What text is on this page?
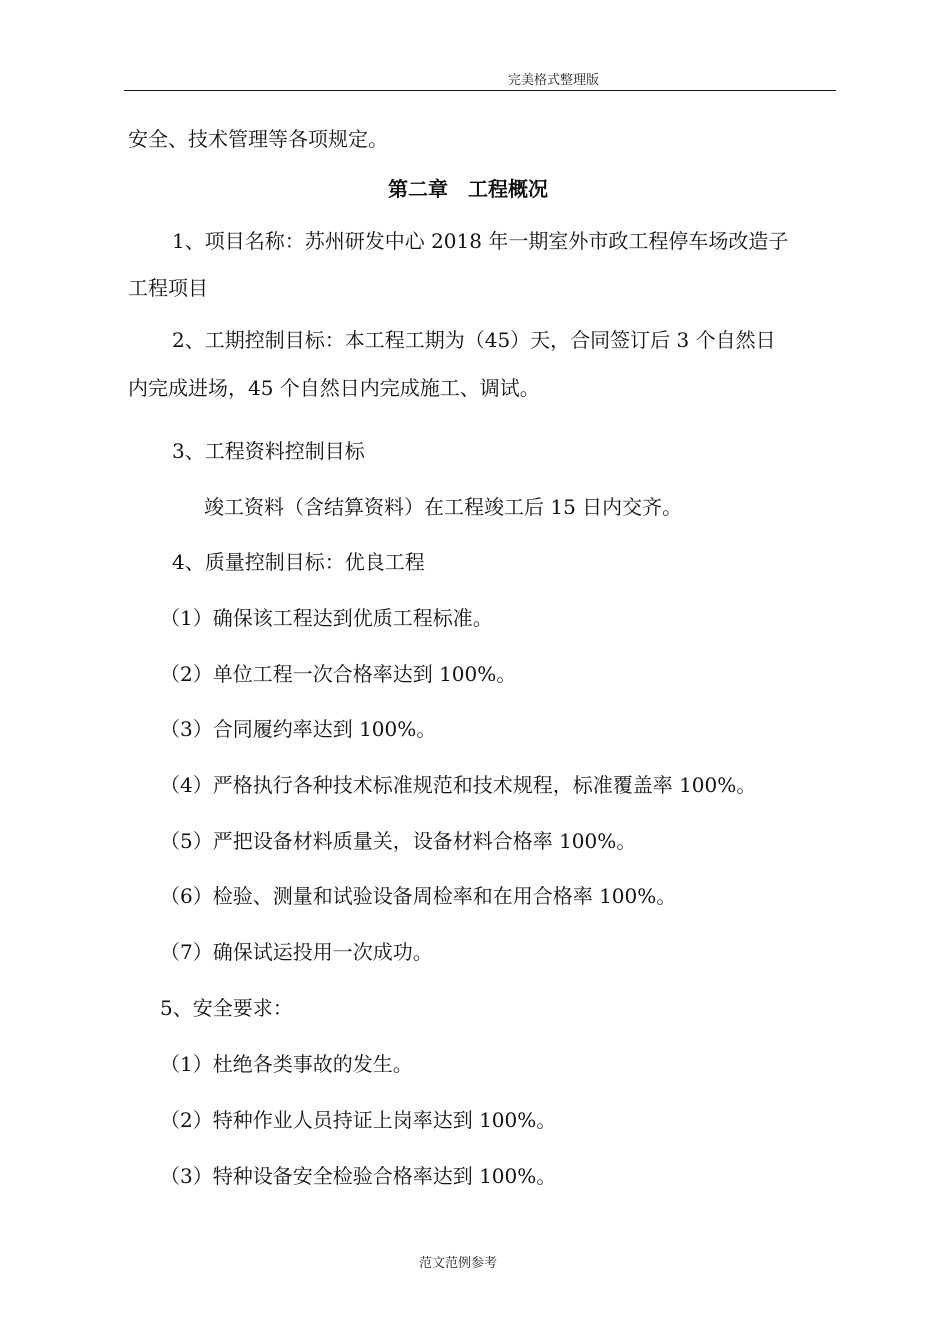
完美格式整理版
安全、技术管理等各项规定。
第二章　工程概况
1、项目名称：苏州研发中心 2018 年一期室外市政工程停车场改造子
工程项目
2、工期控制目标：本工程工期为（45）天，合同签订后 3 个自然日
内完成进场，45 个自然日内完成施工、调试。
3、工程资料控制目标
竣工资料（含结算资料）在工程竣工后 15 日内交齐。
4、质量控制目标：优良工程
（1）确保该工程达到优质工程标准。
（2）单位工程一次合格率达到 100%。
（3）合同履约率达到 100%。
（4）严格执行各种技术标准规范和技术规程，标准覆盖率 100%。
（5）严把设备材料质量关，设备材料合格率 100%。
（6）检验、测量和试验设备周检率和在用合格率 100%。
（7）确保试运投用一次成功。
5、安全要求：
（1）杜绝各类事故的发生。
（2）特种作业人员持证上岗率达到 100%。
（3）特种设备安全检验合格率达到 100%。
范文范例参考
